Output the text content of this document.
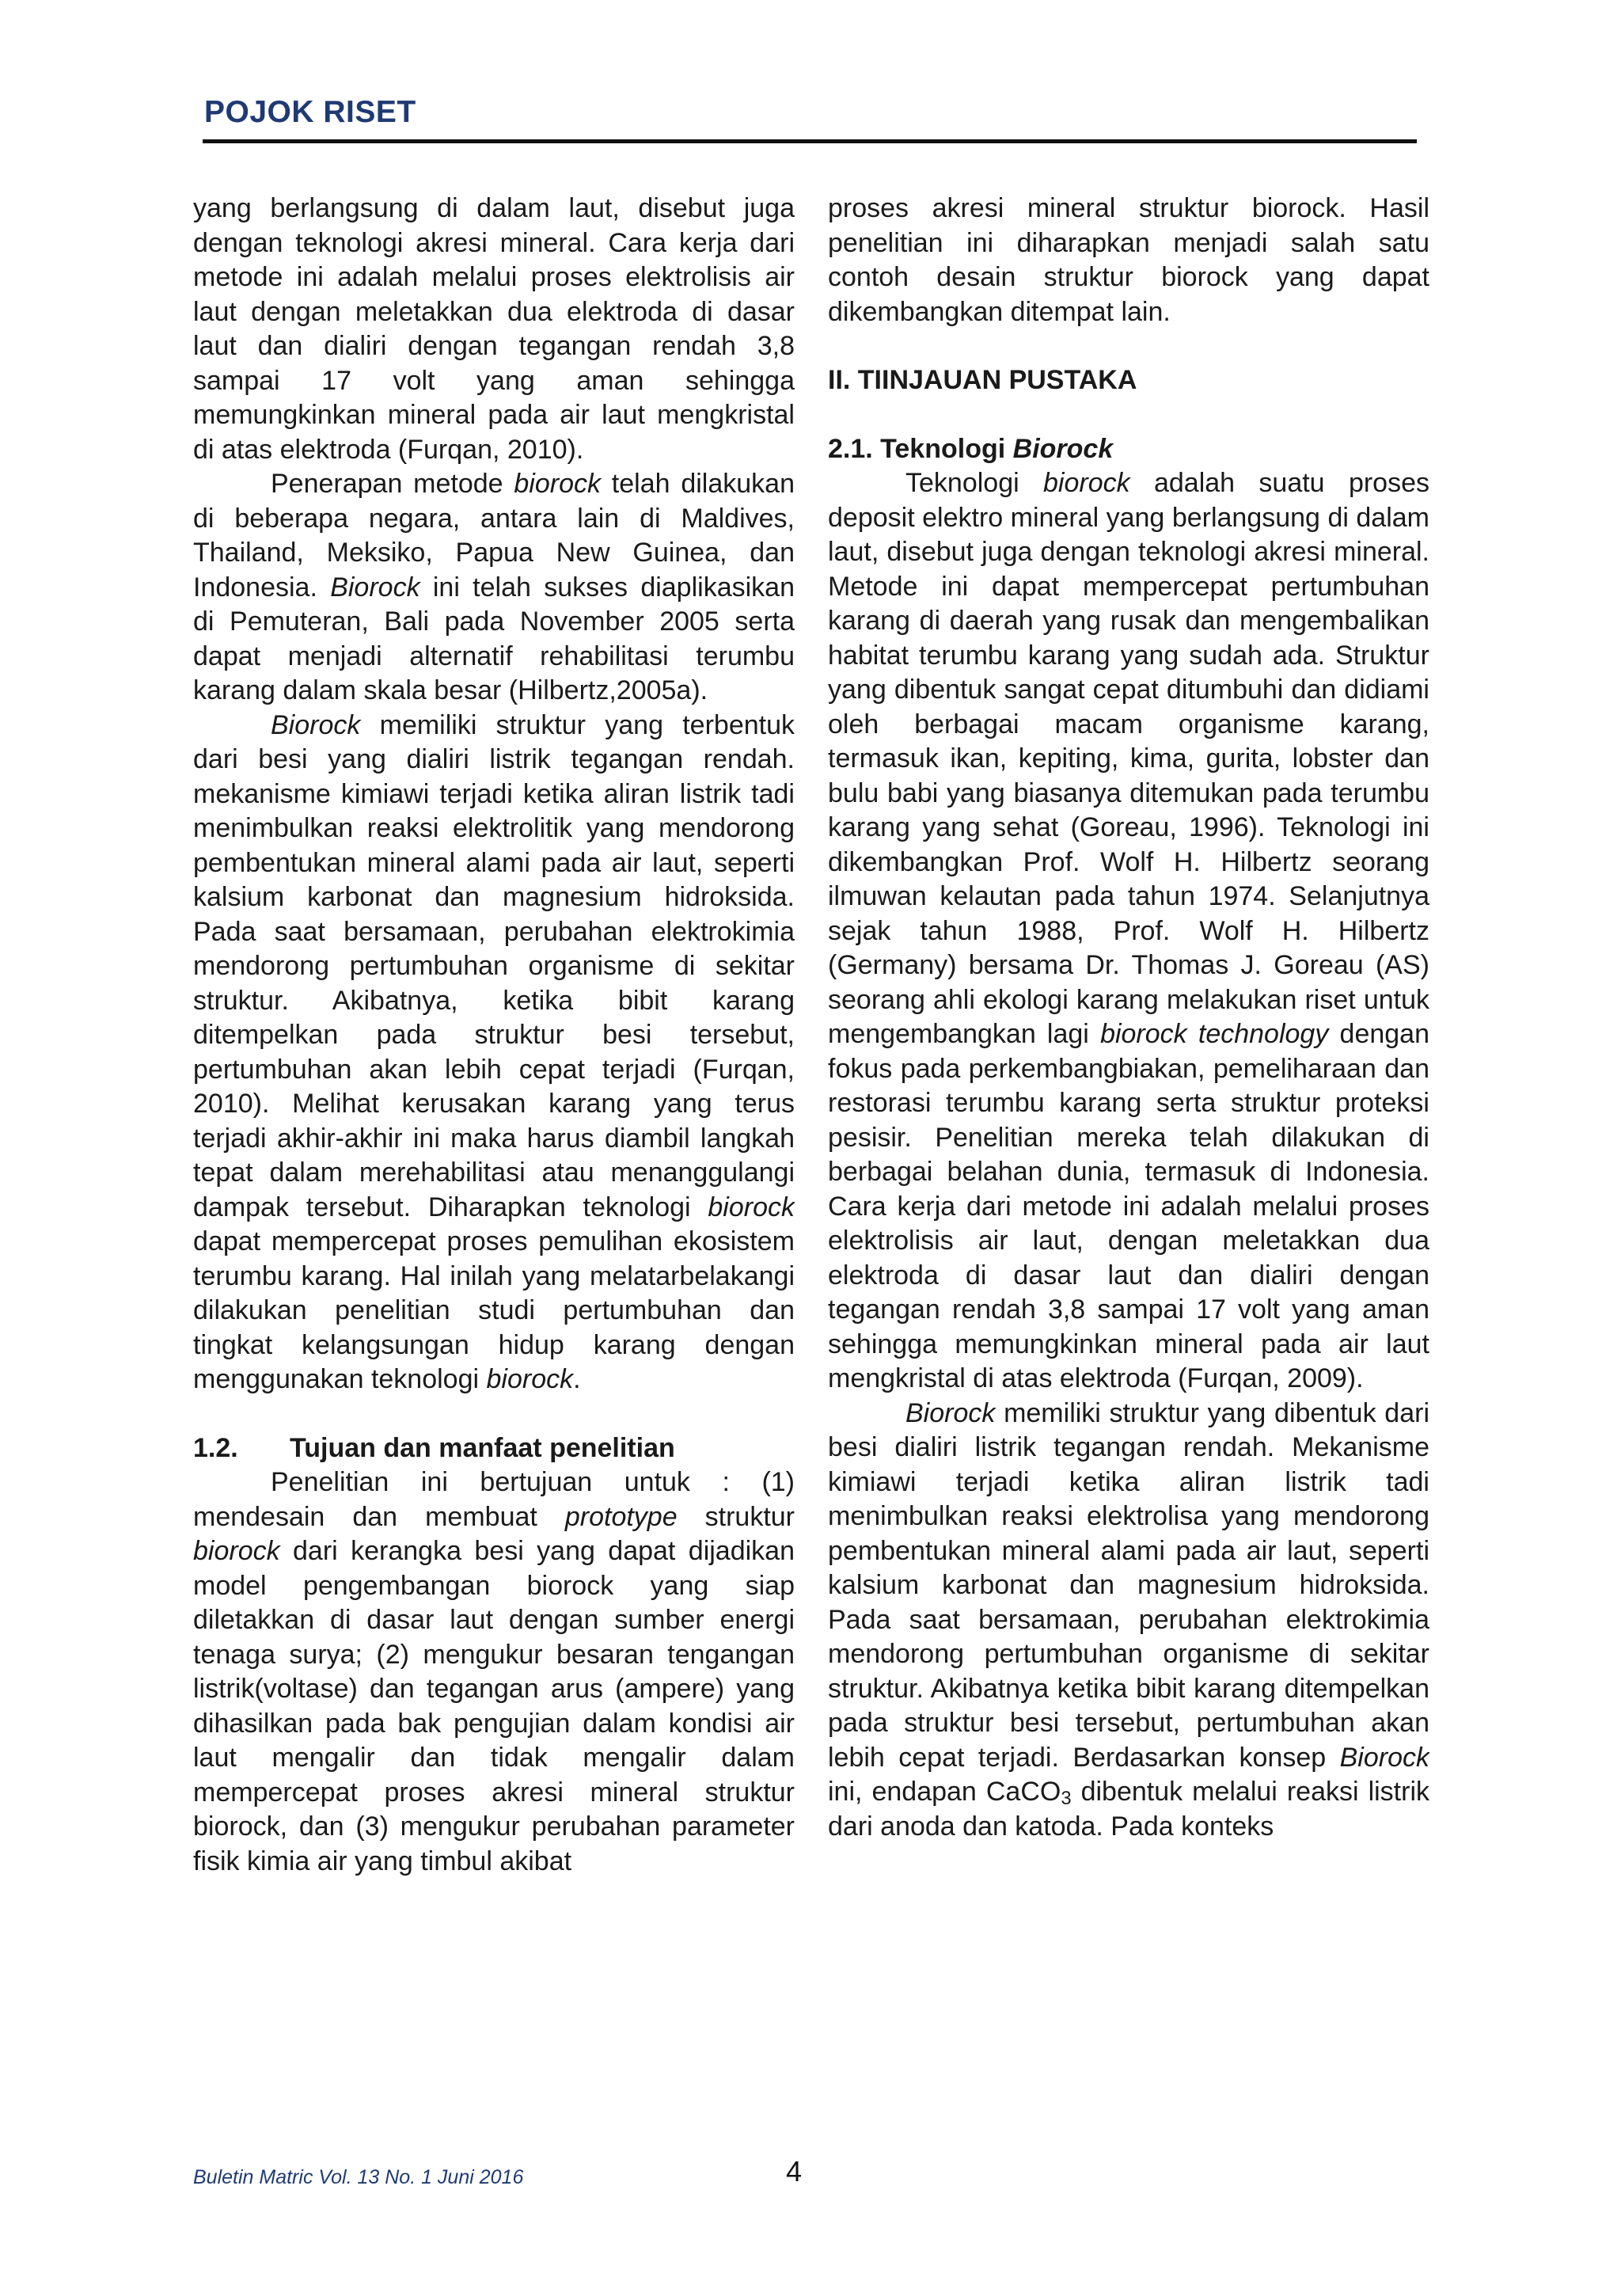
POJOK RISET

yang berlangsung di dalam laut, disebut juga dengan teknologi akresi mineral. Cara kerja dari metode ini adalah melalui proses elektrolisis air laut dengan meletakkan dua elektroda di dasar laut dan dialiri dengan tegangan rendah 3,8 sampai 17 volt yang aman sehingga memungkinkan mineral pada air laut mengkristal di atas elektroda (Furqan, 2010).

Penerapan metode biorock telah dilakukan di beberapa negara, antara lain di Maldives, Thailand, Meksiko, Papua New Guinea, dan Indonesia. Biorock ini telah sukses diaplikasikan di Pemuteran, Bali pada November 2005 serta dapat menjadi alternatif rehabilitasi terumbu karang dalam skala besar (Hilbertz,2005a).

Biorock memiliki struktur yang terbentuk dari besi yang dialiri listrik tegangan rendah. mekanisme kimiawi terjadi ketika aliran listrik tadi menimbulkan reaksi elektrolitik yang mendorong pembentukan mineral alami pada air laut, seperti kalsium karbonat dan magnesium hidroksida. Pada saat bersamaan, perubahan elektrokimia mendorong pertumbuhan organisme di sekitar struktur. Akibatnya, ketika bibit karang ditempelkan pada struktur besi tersebut, pertumbuhan akan lebih cepat terjadi (Furqan, 2010). Melihat kerusakan karang yang terus terjadi akhir-akhir ini maka harus diambil langkah tepat dalam merehabilitasi atau menanggulangi dampak tersebut. Diharapkan teknologi biorock dapat mempercepat proses pemulihan ekosistem terumbu karang. Hal inilah yang melatarbelakangi dilakukan penelitian studi pertumbuhan dan tingkat kelangsungan hidup karang dengan menggunakan teknologi biorock.

1.2. Tujuan dan manfaat penelitian

Penelitian ini bertujuan untuk : (1) mendesain dan membuat prototype struktur biorock dari kerangka besi yang dapat dijadikan model pengembangan biorock yang siap diletakkan di dasar laut dengan sumber energi tenaga surya; (2) mengukur besaran tengangan listrik(voltase) dan tegangan arus (ampere) yang dihasilkan pada bak pengujian dalam kondisi air laut mengalir dan tidak mengalir dalam mempercepat proses akresi mineral struktur biorock, dan (3) mengukur perubahan parameter fisik kimia air yang timbul akibat

proses akresi mineral struktur biorock. Hasil penelitian ini diharapkan menjadi salah satu contoh desain struktur biorock yang dapat dikembangkan ditempat lain.

II. TIINJAUAN PUSTAKA

2.1. Teknologi Biorock

Teknologi biorock adalah suatu proses deposit elektro mineral yang berlangsung di dalam laut, disebut juga dengan teknologi akresi mineral. Metode ini dapat mempercepat pertumbuhan karang di daerah yang rusak dan mengembalikan habitat terumbu karang yang sudah ada. Struktur yang dibentuk sangat cepat ditumbuhi dan didiami oleh berbagai macam organisme karang, termasuk ikan, kepiting, kima, gurita, lobster dan bulu babi yang biasanya ditemukan pada terumbu karang yang sehat (Goreau, 1996). Teknologi ini dikembangkan Prof. Wolf H. Hilbertz seorang ilmuwan kelautan pada tahun 1974. Selanjutnya sejak tahun 1988, Prof. Wolf H. Hilbertz (Germany) bersama Dr. Thomas J. Goreau (AS) seorang ahli ekologi karang melakukan riset untuk mengembangkan lagi biorock technology dengan fokus pada perkembangbiakan, pemeliharaan dan restorasi terumbu karang serta struktur proteksi pesisir. Penelitian mereka telah dilakukan di berbagai belahan dunia, termasuk di Indonesia. Cara kerja dari metode ini adalah melalui proses elektrolisis air laut, dengan meletakkan dua elektroda di dasar laut dan dialiri dengan tegangan rendah 3,8 sampai 17 volt yang aman sehingga memungkinkan mineral pada air laut mengkristal di atas elektroda (Furqan, 2009).

Biorock memiliki struktur yang dibentuk dari besi dialiri listrik tegangan rendah. Mekanisme kimiawi terjadi ketika aliran listrik tadi menimbulkan reaksi elektrolisa yang mendorong pembentukan mineral alami pada air laut, seperti kalsium karbonat dan magnesium hidroksida. Pada saat bersamaan, perubahan elektrokimia mendorong pertumbuhan organisme di sekitar struktur. Akibatnya ketika bibit karang ditempelkan pada struktur besi tersebut, pertumbuhan akan lebih cepat terjadi. Berdasarkan konsep Biorock ini, endapan CaCO$_3$ dibentuk melalui reaksi listrik dari anoda dan katoda. Pada konteks

Buletin Matric Vol. 13 No. 1 Juni 2016	4
